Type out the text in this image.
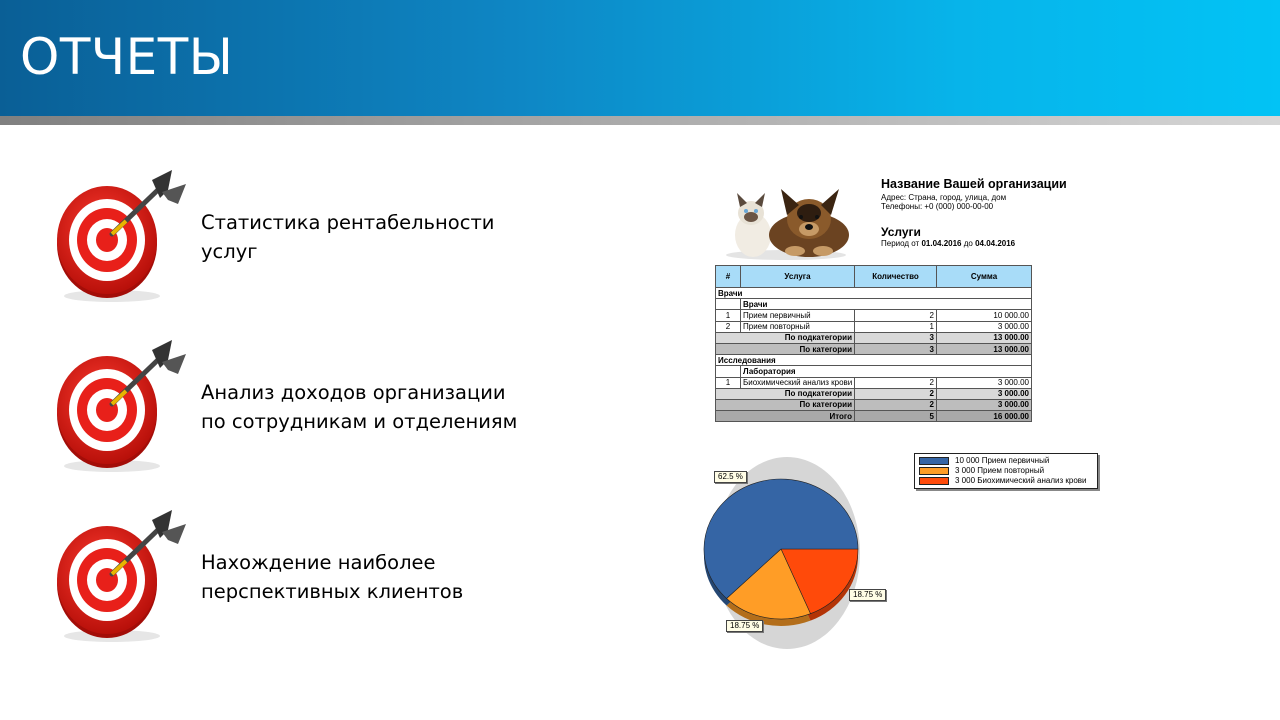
ОТЧЕТЫ
Статистика рентабельности
услуг
Анализ доходов организации
по сотрудникам и отделениям
Нахождение наиболее
перспективных клиентов
Название Вашей организации
Адрес: Страна, город, улица, дом
Телефоны: +0 (000) 000-00-00
Услуги
Период от 01.04.2016 до 04.04.2016
#	Услуга	Количество	Сумма
Врачи			
	Врачи		
1	Прием первичный	2	10 000.00
2	Прием повторный	1	3 000.00
По подкатегории		3	13 000.00
По категории		3	13 000.00
Исследования			
	Лаборатория		
1	Биохимический анализ крови	2	3 000.00
По подкатегории		2	3 000.00
По категории		2	3 000.00
Итого		5	16 000.00
10 000 Прием первичный
3 000 Прием повторный
3 000 Биохимический анализ крови
62.5 %
18.75 %
18.75 %
